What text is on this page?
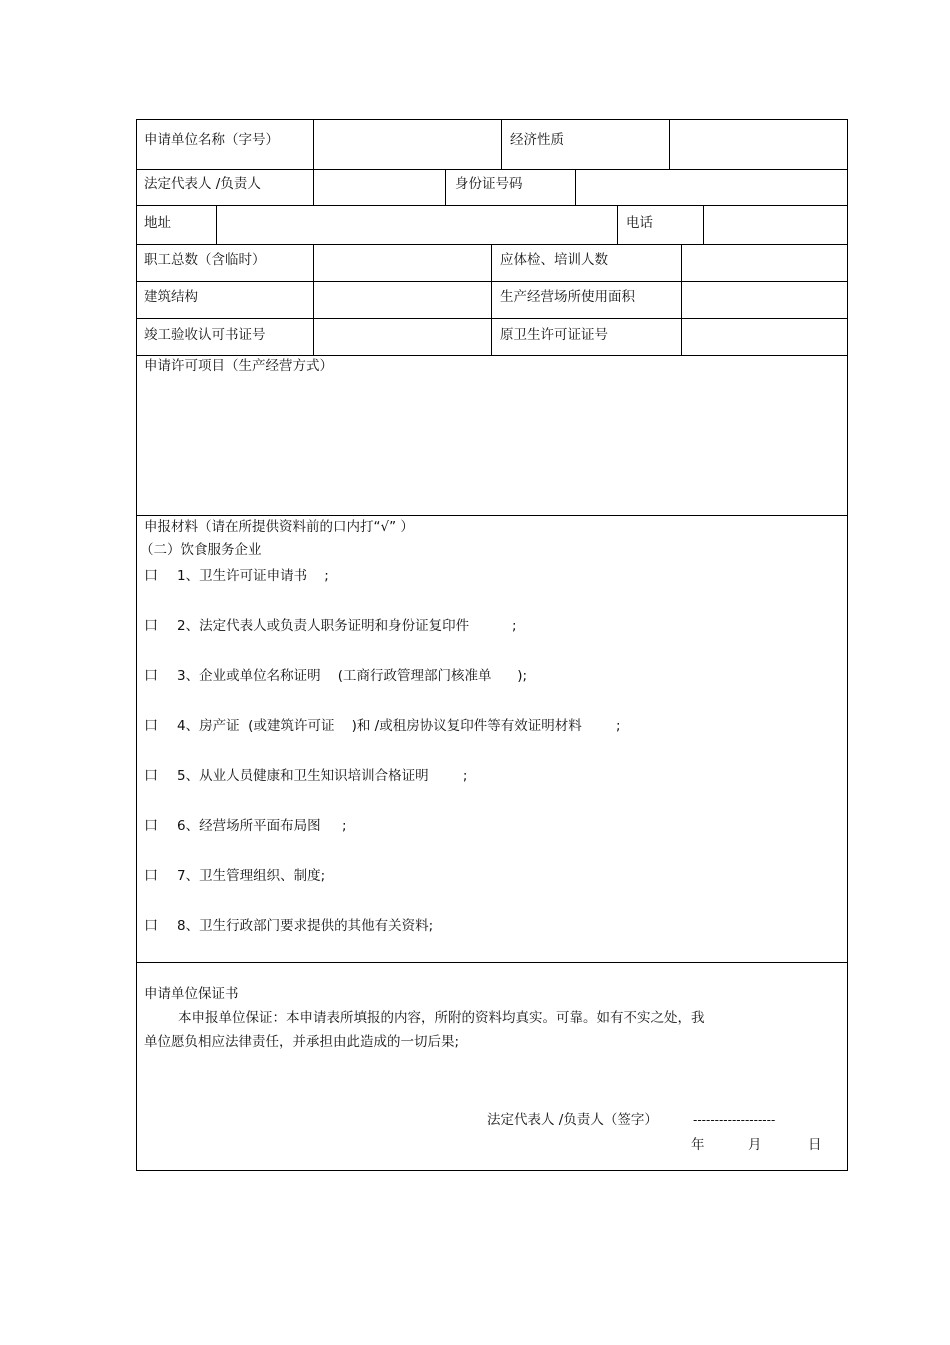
申请单位名称（字号）	经济性质
法定代表人 /负责人	身份证号码
地址	电话
职工总数（含临时）	应体检、培训人数
建筑结构	生产经营场所使用面积
竣工验收认可书证号	原卫生许可证证号
申请许可项目（生产经营方式）
申报材料（请在所提供资料前的口内打“√” ）
（二）饮食服务企业
口 1、卫生许可证申请书    ;
口 2、法定代表人或负责人职务证明和身份证复印件          ;
口 3、企业或单位名称证明    (工商行政管理部门核准单      );
口 4、房产证  (或建筑许可证    )和 /或租房协议复印件等有效证明材料        ;
口 5、从业人员健康和卫生知识培训合格证明        ;
口 6、经营场所平面布局图     ;
口 7、卫生管理组织、制度;
口 8、卫生行政部门要求提供的其他有关资料;
申请单位保证书
本申报单位保证：本申请表所填报的内容，所附的资料均真实。可靠。如有不实之处，我
单位愿负相应法律责任，并承担由此造成的一切后果;
法定代表人 /负责人（签字）	-------------------
年	月	日
